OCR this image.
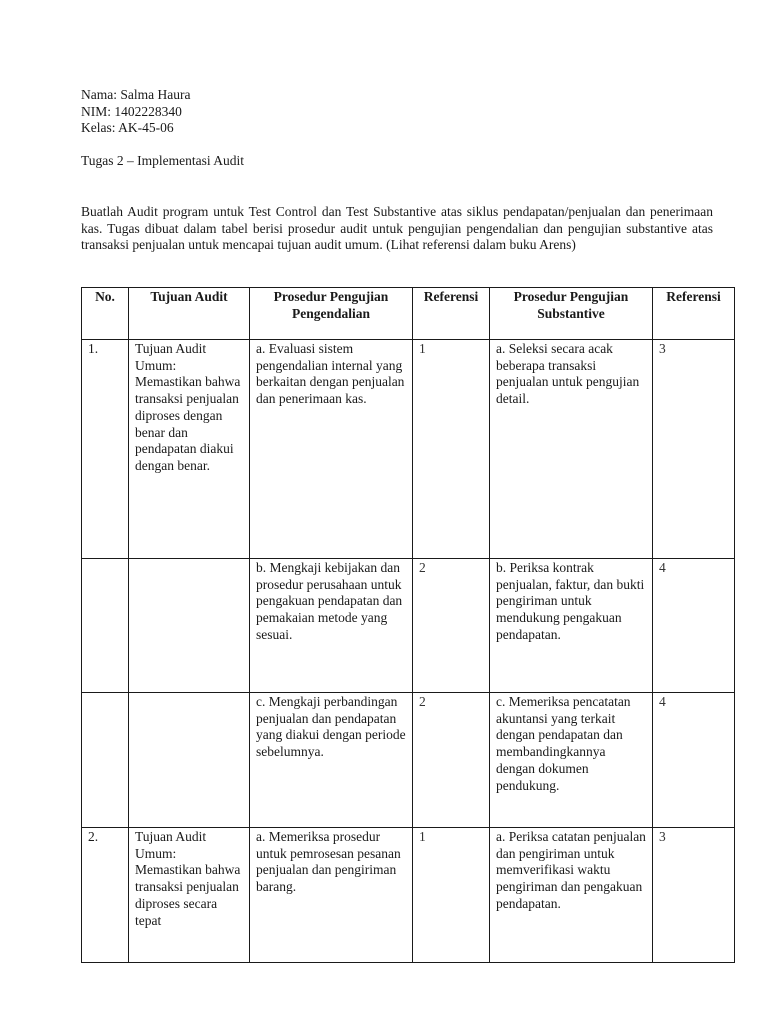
Nama: Salma Haura
NIM: 1402228340
Kelas: AK-45-06
Tugas 2 – Implementasi Audit
Buatlah Audit program untuk Test Control dan Test Substantive atas siklus pendapatan/penjualan dan penerimaan kas. Tugas dibuat dalam tabel berisi prosedur audit untuk pengujian pengendalian dan pengujian substantive atas transaksi penjualan untuk mencapai tujuan audit umum. (Lihat referensi dalam buku Arens)
No.	Tujuan Audit	Prosedur Pengujian Pengendalian	Referensi	Prosedur Pengujian Substantive	Referensi
1.	Tujuan Audit Umum: Memastikan bahwa transaksi penjualan diproses dengan benar dan pendapatan diakui dengan benar.	a. Evaluasi sistem pengendalian internal yang berkaitan dengan penjualan dan penerimaan kas.	1	a. Seleksi secara acak beberapa transaksi penjualan untuk pengujian detail.	3
		b. Mengkaji kebijakan dan prosedur perusahaan untuk pengakuan pendapatan dan pemakaian metode yang sesuai.	2	b. Periksa kontrak penjualan, faktur, dan bukti pengiriman untuk mendukung pengakuan pendapatan.	4
		c. Mengkaji perbandingan penjualan dan pendapatan yang diakui dengan periode sebelumnya.	2	c. Memeriksa pencatatan akuntansi yang terkait dengan pendapatan dan membandingkannya dengan dokumen pendukung.	4
2.	Tujuan Audit Umum: Memastikan bahwa transaksi penjualan diproses secara tepat	a. Memeriksa prosedur untuk pemrosesan pesanan penjualan dan pengiriman barang.	1	a. Periksa catatan penjualan dan pengiriman untuk memverifikasi waktu pengiriman dan pengakuan pendapatan.	3
